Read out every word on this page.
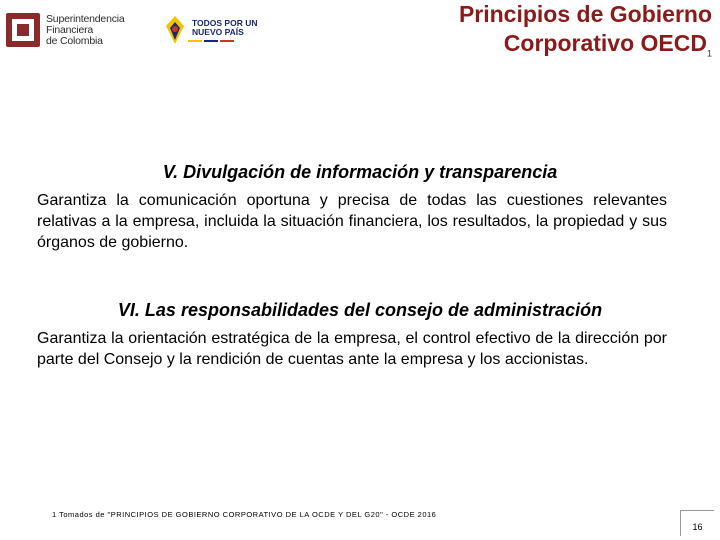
Superintendencia
Financiera
de Colombia
TODOS POR UN
NUEVO PAÍS
Principios de Gobierno
Corporativo $OECD_1$
V. Divulgación de información y transparencia
Garantiza la comunicación oportuna y precisa de todas las cuestiones relevantes relativas a la empresa, incluida la situación financiera, los resultados, la propiedad y sus órganos de gobierno.
VI. Las responsabilidades del consejo de administración
Garantiza la orientación estratégica de la empresa, el control efectivo de la dirección por parte del Consejo y la rendición de cuentas ante la empresa y los accionistas.
1 Tomados de "PRINCIPIOS DE GOBIERNO CORPORATIVO DE LA OCDE Y DEL G20" - OCDE 2016
16
